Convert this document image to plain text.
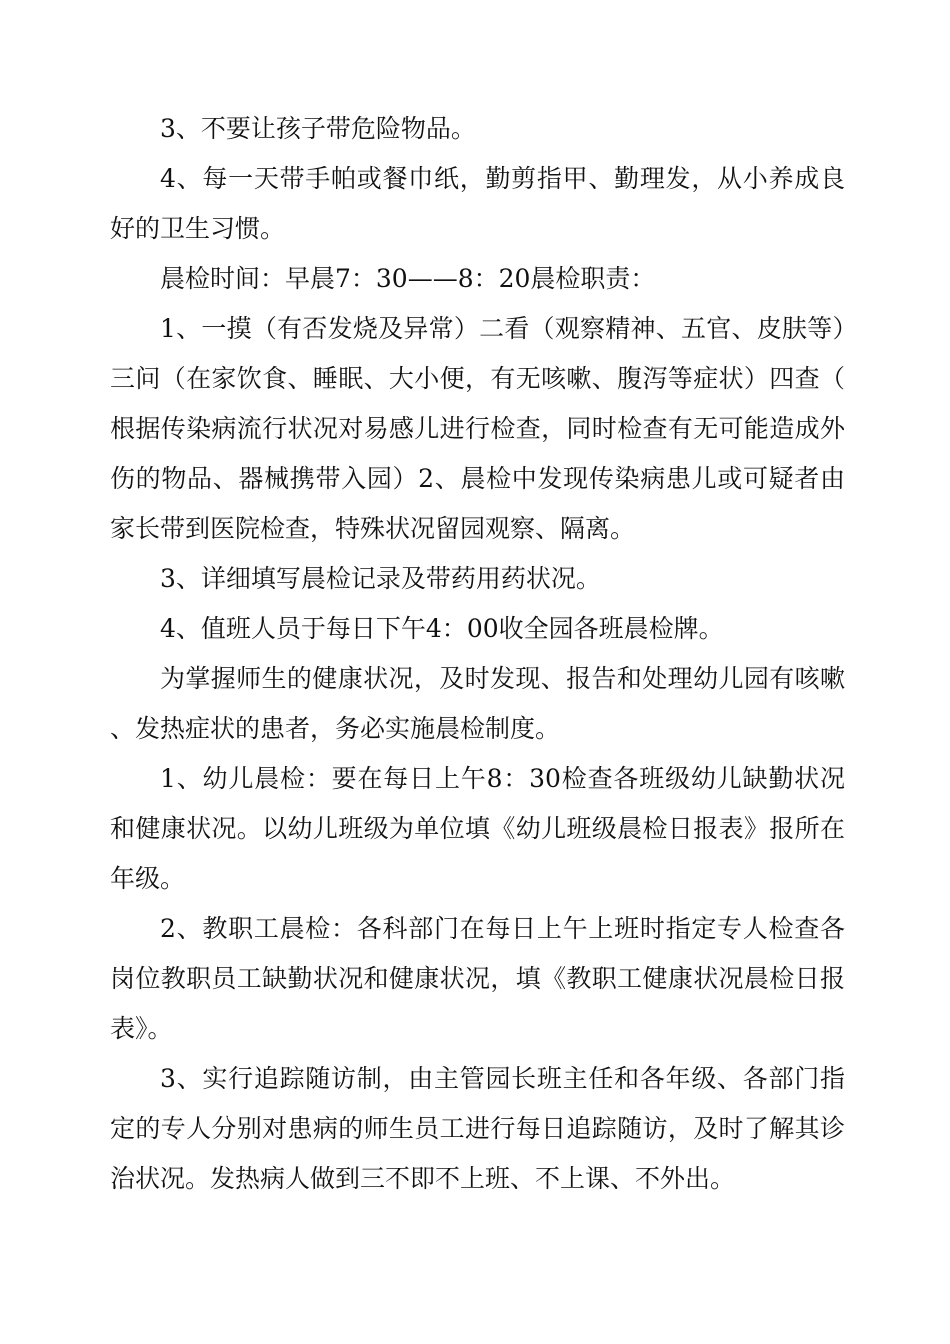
3、不要让孩子带危险物品。

4、每一天带手帕或餐巾纸，勤剪指甲、勤理发，从小养成良好的卫生习惯。

晨检时间：早晨7：30——8：20晨检职责：

1、一摸（有否发烧及异常）二看（观察精神、五官、皮肤等）三问（在家饮食、睡眠、大小便，有无咳嗽、腹泻等症状）四查（根据传染病流行状况对易感儿进行检查，同时检查有无可能造成外伤的物品、器械携带入园）2、晨检中发现传染病患儿或可疑者由家长带到医院检查，特殊状况留园观察、隔离。

3、详细填写晨检记录及带药用药状况。

4、值班人员于每日下午4：00收全园各班晨检牌。

为掌握师生的健康状况，及时发现、报告和处理幼儿园有咳嗽、发热症状的患者，务必实施晨检制度。

1、幼儿晨检：要在每日上午8：30检查各班级幼儿缺勤状况和健康状况。以幼儿班级为单位填《幼儿班级晨检日报表》报所在年级。

2、教职工晨检：各科部门在每日上午上班时指定专人检查各岗位教职员工缺勤状况和健康状况，填《教职工健康状况晨检日报表》。

3、实行追踪随访制，由主管园长班主任和各年级、各部门指定的专人分别对患病的师生员工进行每日追踪随访，及时了解其诊治状况。发热病人做到三不即不上班、不上课、不外出。
